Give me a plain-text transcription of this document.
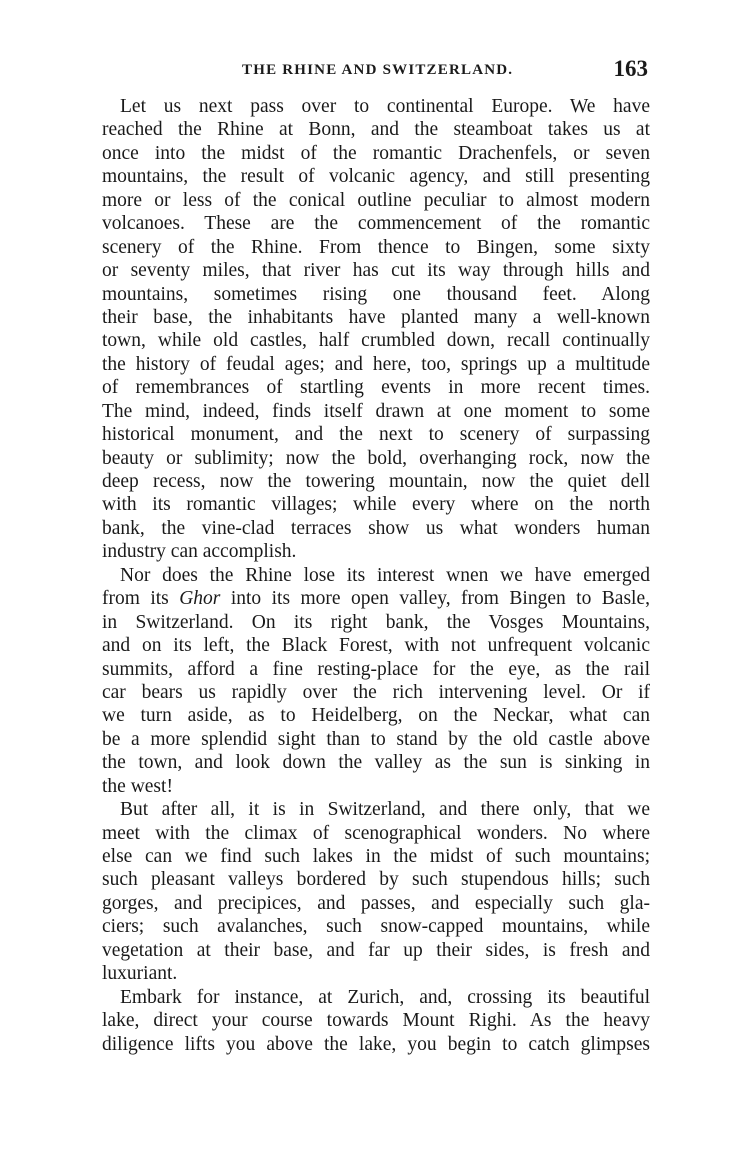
THE RHINE AND SWITZERLAND.	163
Let us next pass over to continental Europe. We have
reached the Rhine at Bonn, and the steamboat takes us at
once into the midst of the romantic Drachenfels, or seven
mountains, the result of volcanic agency, and still presenting
more or less of the conical outline peculiar to almost modern
volcanoes. These are the commencement of the romantic
scenery of the Rhine. From thence to Bingen, some sixty
or seventy miles, that river has cut its way through hills and
mountains, sometimes rising one thousand feet. Along
their base, the inhabitants have planted many a well-known
town, while old castles, half crumbled down, recall continually
the history of feudal ages; and here, too, springs up a multitude
of remembrances of startling events in more recent times.
The mind, indeed, finds itself drawn at one moment to some
historical monument, and the next to scenery of surpassing
beauty or sublimity; now the bold, overhanging rock, now the
deep recess, now the towering mountain, now the quiet dell
with its romantic villages; while every where on the north
bank, the vine-clad terraces show us what wonders human
industry can accomplish.
Nor does the Rhine lose its interest wnen we have emerged
from its Ghor into its more open valley, from Bingen to Basle,
in Switzerland. On its right bank, the Vosges Mountains,
and on its left, the Black Forest, with not unfrequent volcanic
summits, afford a fine resting-place for the eye, as the rail
car bears us rapidly over the rich intervening level. Or if
we turn aside, as to Heidelberg, on the Neckar, what can
be a more splendid sight than to stand by the old castle above
the town, and look down the valley as the sun is sinking in
the west!
But after all, it is in Switzerland, and there only, that we
meet with the climax of scenographical wonders. No where
else can we find such lakes in the midst of such mountains;
such pleasant valleys bordered by such stupendous hills; such
gorges, and precipices, and passes, and especially such gla-
ciers; such avalanches, such snow-capped mountains, while
vegetation at their base, and far up their sides, is fresh and
luxuriant.
Embark for instance, at Zurich, and, crossing its beautiful
lake, direct your course towards Mount Righi. As the heavy
diligence lifts you above the lake, you begin to catch glimpses
